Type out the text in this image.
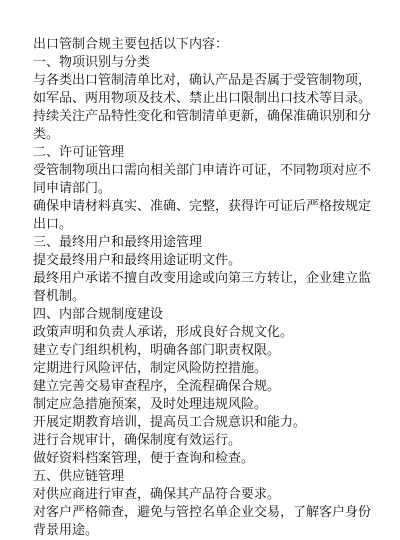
出口管制合规主要包括以下内容：

一、物项识别与分类

与各类出口管制清单比对，确认产品是否属于受管制物项，如军品、两用物项及技术、禁止出口限制出口技术等目录。

持续关注产品特性变化和管制清单更新，确保准确识别和分类。

二、许可证管理

受管制物项出口需向相关部门申请许可证，不同物项对应不同申请部门。

确保申请材料真实、准确、完整，获得许可证后严格按规定出口。

三、最终用户和最终用途管理

提交最终用户和最终用途证明文件。

最终用户承诺不擅自改变用途或向第三方转让，企业建立监督机制。

四、内部合规制度建设

政策声明和负责人承诺，形成良好合规文化。

建立专门组织机构，明确各部门职责权限。

定期进行风险评估，制定风险防控措施。

建立完善交易审查程序，全流程确保合规。

制定应急措施预案，及时处理违规风险。

开展定期教育培训，提高员工合规意识和能力。

进行合规审计，确保制度有效运行。

做好资料档案管理，便于查询和检查。

五、供应链管理

对供应商进行审查，确保其产品符合要求。

对客户严格筛查，避免与管控名单企业交易，了解客户身份背景用途。
